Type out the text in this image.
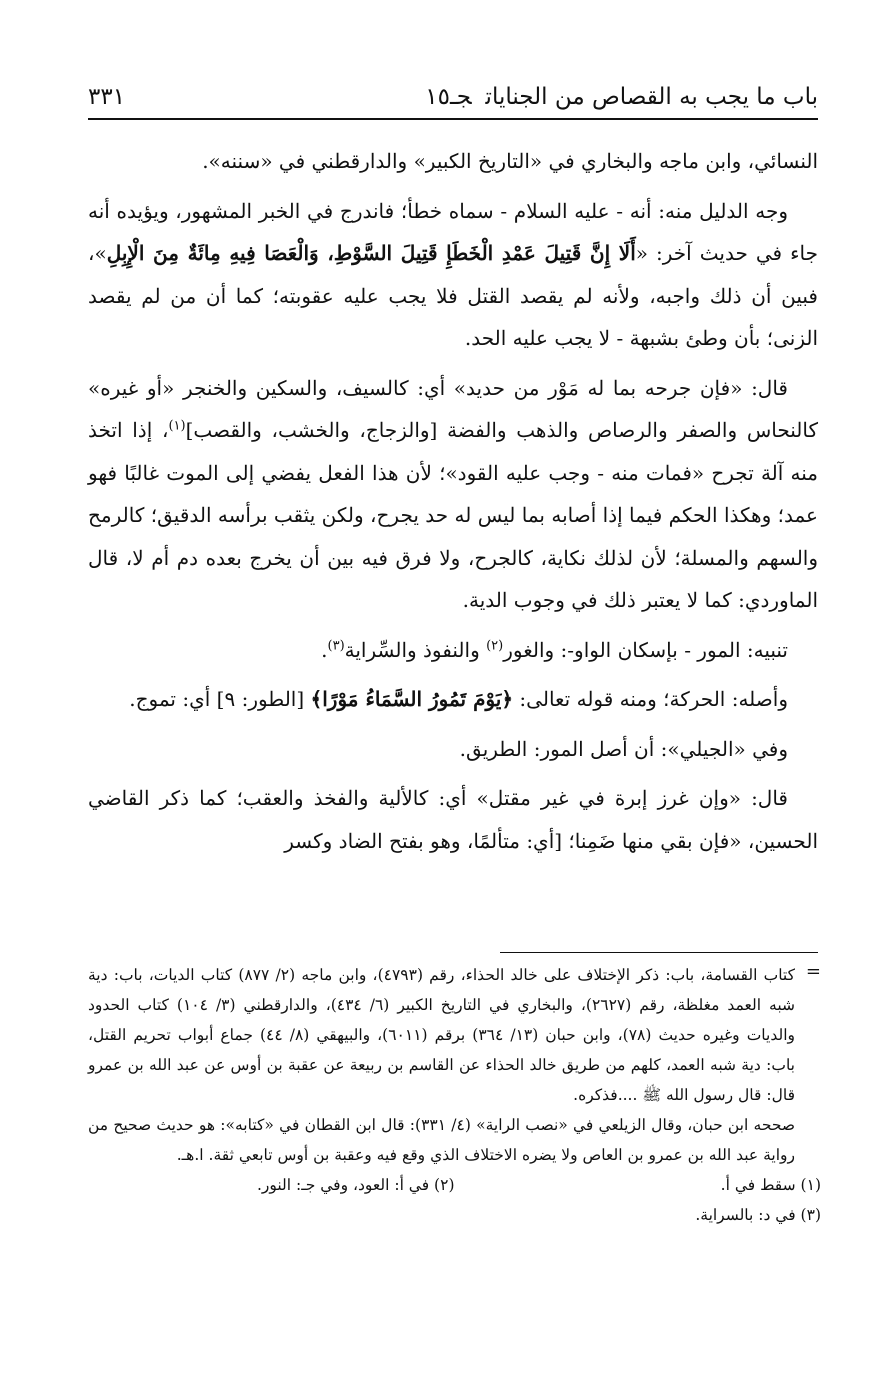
باب ما يجب به القصاص من الجناياتجـ١٥
٣٣١

النسائي، وابن ماجه والبخاري في «التاريخ الكبير» والدارقطني في «سننه».

وجه الدليل منه: أنه - عليه السلام - سماه خطأ؛ فاندرج في الخبر المشهور، ويؤيده أنه جاء في حديث آخر: «أَلَا إِنَّ قَتِيلَ عَمْدِ الْخَطَإِ قَتِيلَ السَّوْطِ، وَالْعَصَا فِيهِ مِائَةٌ مِنَ الْإِبِلِ»، فبين أن ذلك واجبه، ولأنه لم يقصد القتل فلا يجب عليه عقوبته؛ كما أن من لم يقصد الزنى؛ بأن وطئ بشبهة - لا يجب عليه الحد.

قال: «فإن جرحه بما له مَوْر من حديد» أي: كالسيف، والسكين والخنجر «أو غيره» كالنحاس والصفر والرصاص والذهب والفضة [والزجاج، والخشب، والقصب]$^{(١)}$، إذا اتخذ منه آلة تجرح «فمات منه - وجب عليه القود»؛ لأن هذا الفعل يفضي إلى الموت غالبًا فهو عمد؛ وهكذا الحكم فيما إذا أصابه بما ليس له حد يجرح، ولكن يثقب برأسه الدقيق؛ كالرمح والسهم والمسلة؛ لأن لذلك نكاية، كالجرح، ولا فرق فيه بين أن يخرج بعده دم أم لا، قال الماوردي: كما لا يعتبر ذلك في وجوب الدية.

تنبيه: المور - بإسكان الواو-: والغور$^{(٢)}$ والنفوذ والسِّراية$^{(٣)}$.

وأصله: الحركة؛ ومنه قوله تعالى: ﴿يَوْمَ تَمُورُ السَّمَاءُ مَوْرًا﴾ [الطور: ٩] أي: تموج.

وفي «الجيلي»: أن أصل المور: الطريق.

قال: «وإن غرز إبرة في غير مقتل» أي: كالألية والفخذ والعقب؛ كما ذكر القاضي الحسين، «فإن بقي منها ضَمِنا؛ [أي: متألمًا، وهو بفتح الضاد وكسر

=

كتاب القسامة، باب: ذكر الإختلاف على خالد الحذاء، رقم (٤٧٩٣)، وابن ماجه (٢/ ٨٧٧) كتاب الديات، باب: دية شبه العمد مغلظة، رقم (٢٦٢٧)، والبخاري في التاريخ الكبير (٦/ ٤٣٤)، والدارقطني (٣/ ١٠٤) كتاب الحدود والديات وغيره حديث (٧٨)، وابن حبان (١٣/ ٣٦٤) برقم (٦٠١١)، والبيهقي (٨/ ٤٤) جماع أبواب تحريم القتل، باب: دية شبه العمد، كلهم من طريق خالد الحذاء عن القاسم بن ربيعة عن عقبة بن أوس عن عبد الله بن عمرو قال: قال رسول الله ﷺ ....فذكره.

صححه ابن حبان، وقال الزيلعي في «نصب الراية» (٤/ ٣٣١): قال ابن القطان في «كتابه»: هو حديث صحيح من رواية عبد الله بن عمرو بن العاص ولا يضره الاختلاف الذي وقع فيه وعقبة بن أوس تابعي ثقة. ا.هـ.

(١) سقط في أ.
(٢) في أ: العود، وفي جـ: النور.

(٣) في د: بالسراية.
